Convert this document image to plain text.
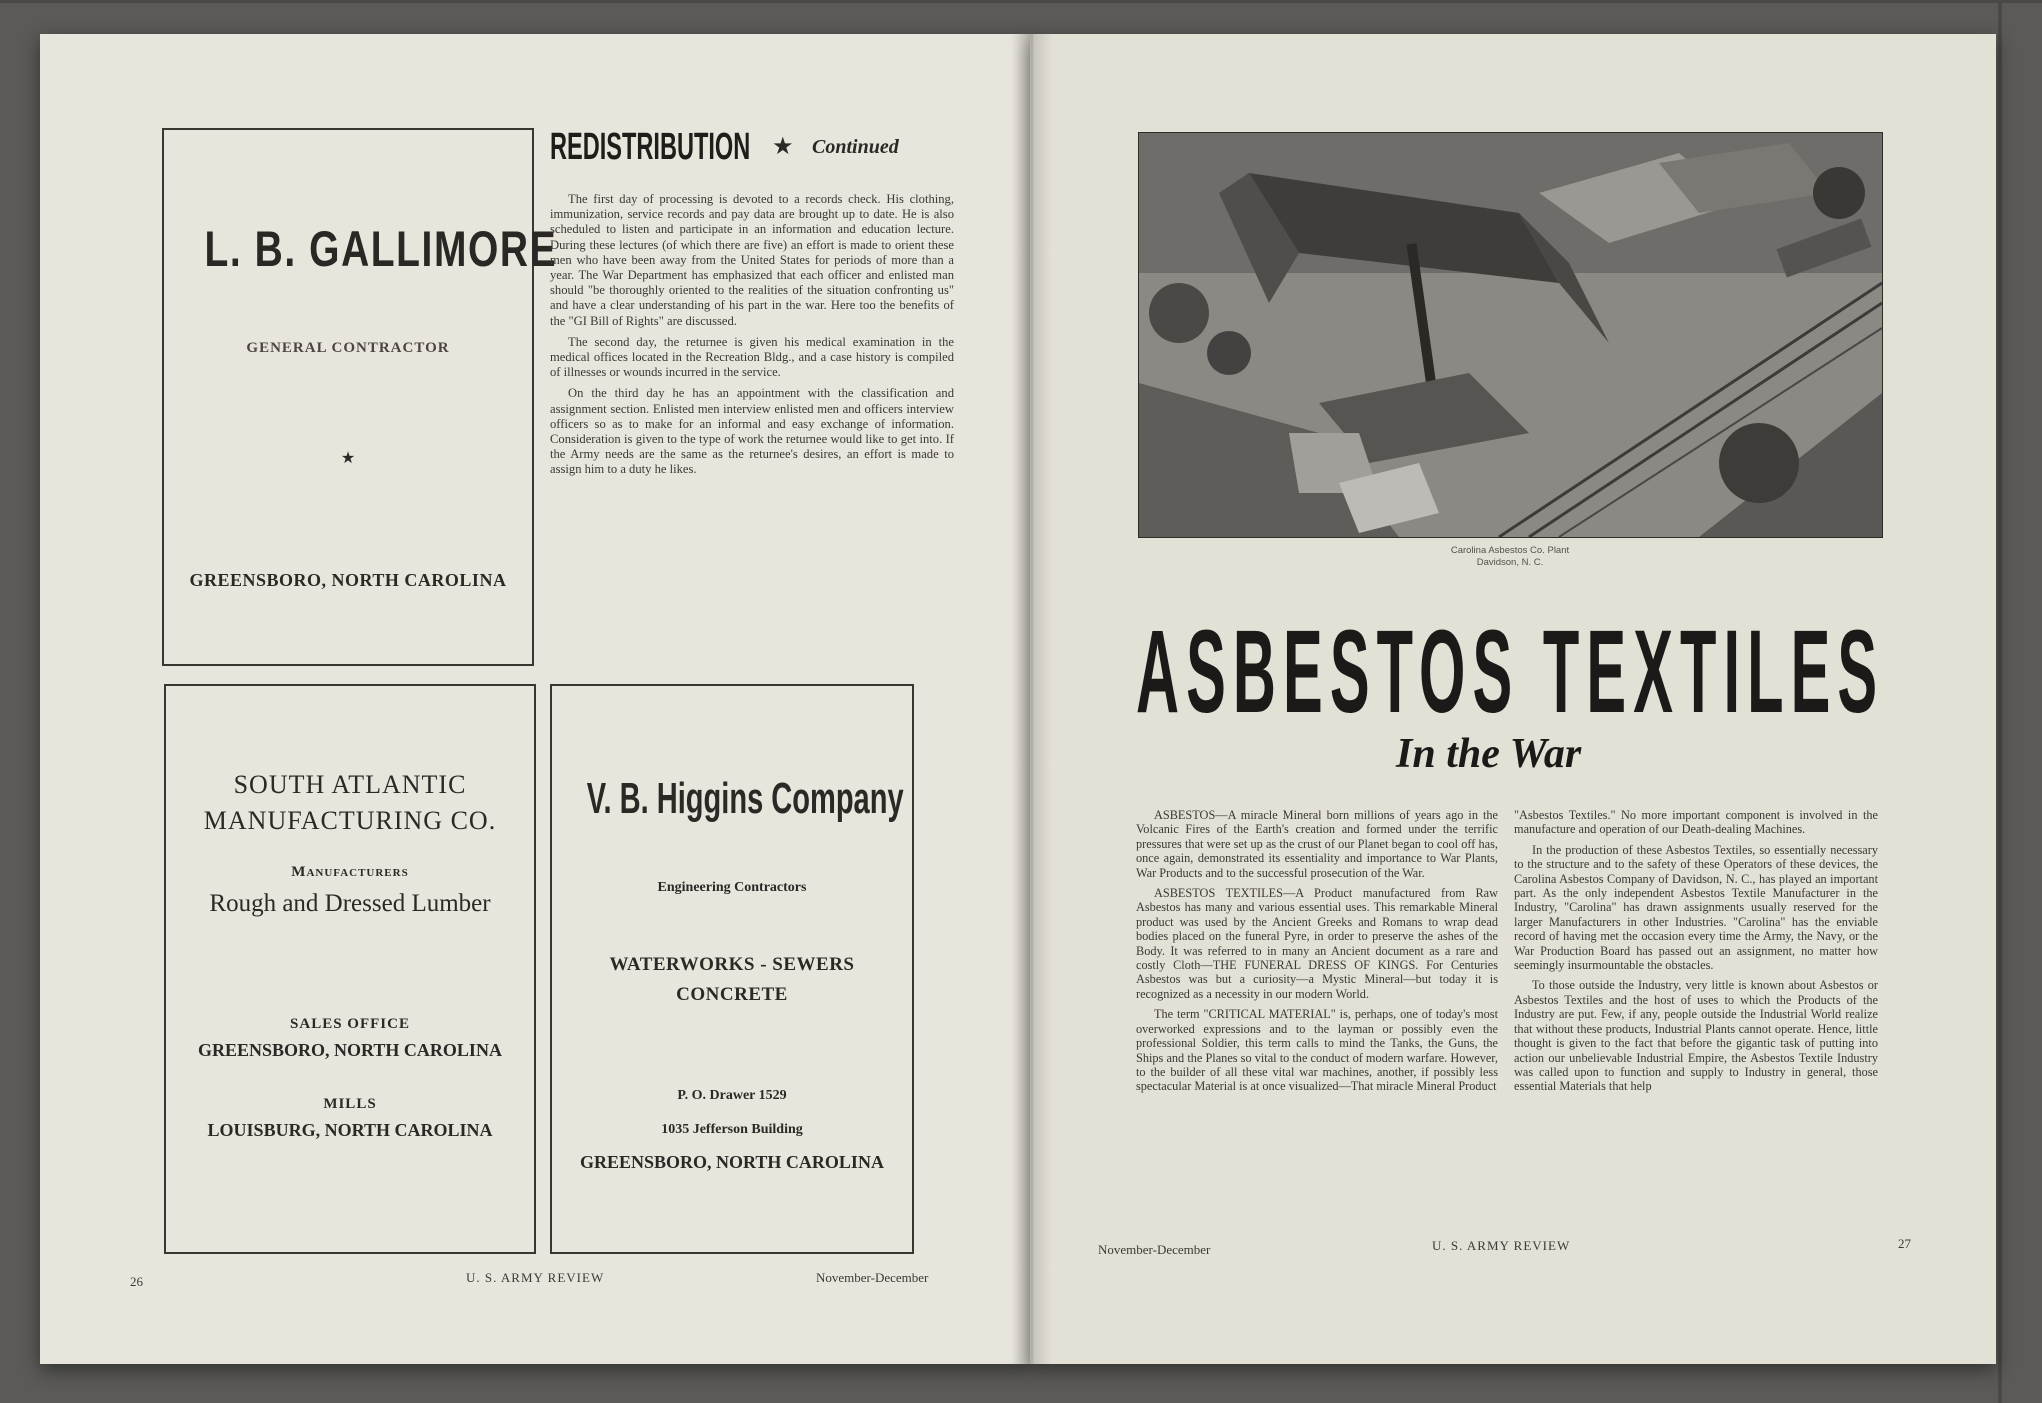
L. B. GALLIMORE
GENERAL CONTRACTOR
★
GREENSBORO, NORTH CAROLINA
REDISTRIBUTION ★ Continued

The first day of processing is devoted to a records check. His clothing, immunization, service records and pay data are brought up to date. He is also scheduled to listen and participate in an information and education lecture. During these lectures (of which there are five) an effort is made to orient these men who have been away from the United States for periods of more than a year. The War Department has emphasized that each officer and enlisted man should "be thoroughly oriented to the realities of the situation confronting us" and have a clear understanding of his part in the war. Here too the benefits of the "GI Bill of Rights" are discussed.

The second day, the returnee is given his medical examination in the medical offices located in the Recreation Bldg., and a case history is compiled of illnesses or wounds incurred in the service.

On the third day he has an appointment with the classification and assignment section. Enlisted men interview enlisted men and officers interview officers so as to make for an informal and easy exchange of information. Consideration is given to the type of work the returnee would like to get into. If the Army needs are the same as the returnee's desires, an effort is made to assign him to a duty he likes.

SOUTH ATLANTIC
MANUFACTURING CO.
Manufacturers
Rough and Dressed Lumber
SALES OFFICE
GREENSBORO, NORTH CAROLINA
MILLS
LOUISBURG, NORTH CAROLINA
V. B. Higgins Company
Engineering Contractors
WATERWORKS - SEWERS
CONCRETE
P. O. Drawer 1529
1035 Jefferson Building
GREENSBORO, NORTH CAROLINA
26	U. S. ARMY REVIEW	November-December
Carolina Asbestos Co. Plant
Davidson, N. C.
ASBESTOS TEXTILES
In the War

ASBESTOS—A miracle Mineral born millions of years ago in the Volcanic Fires of the Earth's creation and formed under the terrific pressures that were set up as the crust of our Planet began to cool off has, once again, demonstrated its essentiality and importance to War Plants, War Products and to the successful prosecution of the War.

ASBESTOS TEXTILES—A Product manufactured from Raw Asbestos has many and various essential uses. This remarkable Mineral product was used by the Ancient Greeks and Romans to wrap dead bodies placed on the funeral Pyre, in order to preserve the ashes of the Body. It was referred to in many an Ancient document as a rare and costly Cloth—THE FUNERAL DRESS OF KINGS. For Centuries Asbestos was but a curiosity—a Mystic Mineral—but today it is recognized as a necessity in our modern World.

The term "CRITICAL MATERIAL" is, perhaps, one of today's most overworked expressions and to the layman or possibly even the professional Soldier, this term calls to mind the Tanks, the Guns, the Ships and the Planes so vital to the conduct of modern warfare. However, to the builder of all these vital war machines, another, if possibly less spectacular Material is at once visualized—That miracle Mineral Product

"Asbestos Textiles." No more important component is involved in the manufacture and operation of our Death-dealing Machines.

In the production of these Asbestos Textiles, so essentially necessary to the structure and to the safety of these Operators of these devices, the Carolina Asbestos Company of Davidson, N. C., has played an important part. As the only independent Asbestos Textile Manufacturer in the Industry, "Carolina" has drawn assignments usually reserved for the larger Manufacturers in other Industries. "Carolina" has the enviable record of having met the occasion every time the Army, the Navy, or the War Production Board has passed out an assignment, no matter how seemingly insurmountable the obstacles.

To those outside the Industry, very little is known about Asbestos or Asbestos Textiles and the host of uses to which the Products of the Industry are put. Few, if any, people outside the Industrial World realize that without these products, Industrial Plants cannot operate. Hence, little thought is given to the fact that before the gigantic task of putting into action our unbelievable Industrial Empire, the Asbestos Textile Industry was called upon to function and supply to Industry in general, those essential Materials that help

November-December	U. S. ARMY REVIEW	27
